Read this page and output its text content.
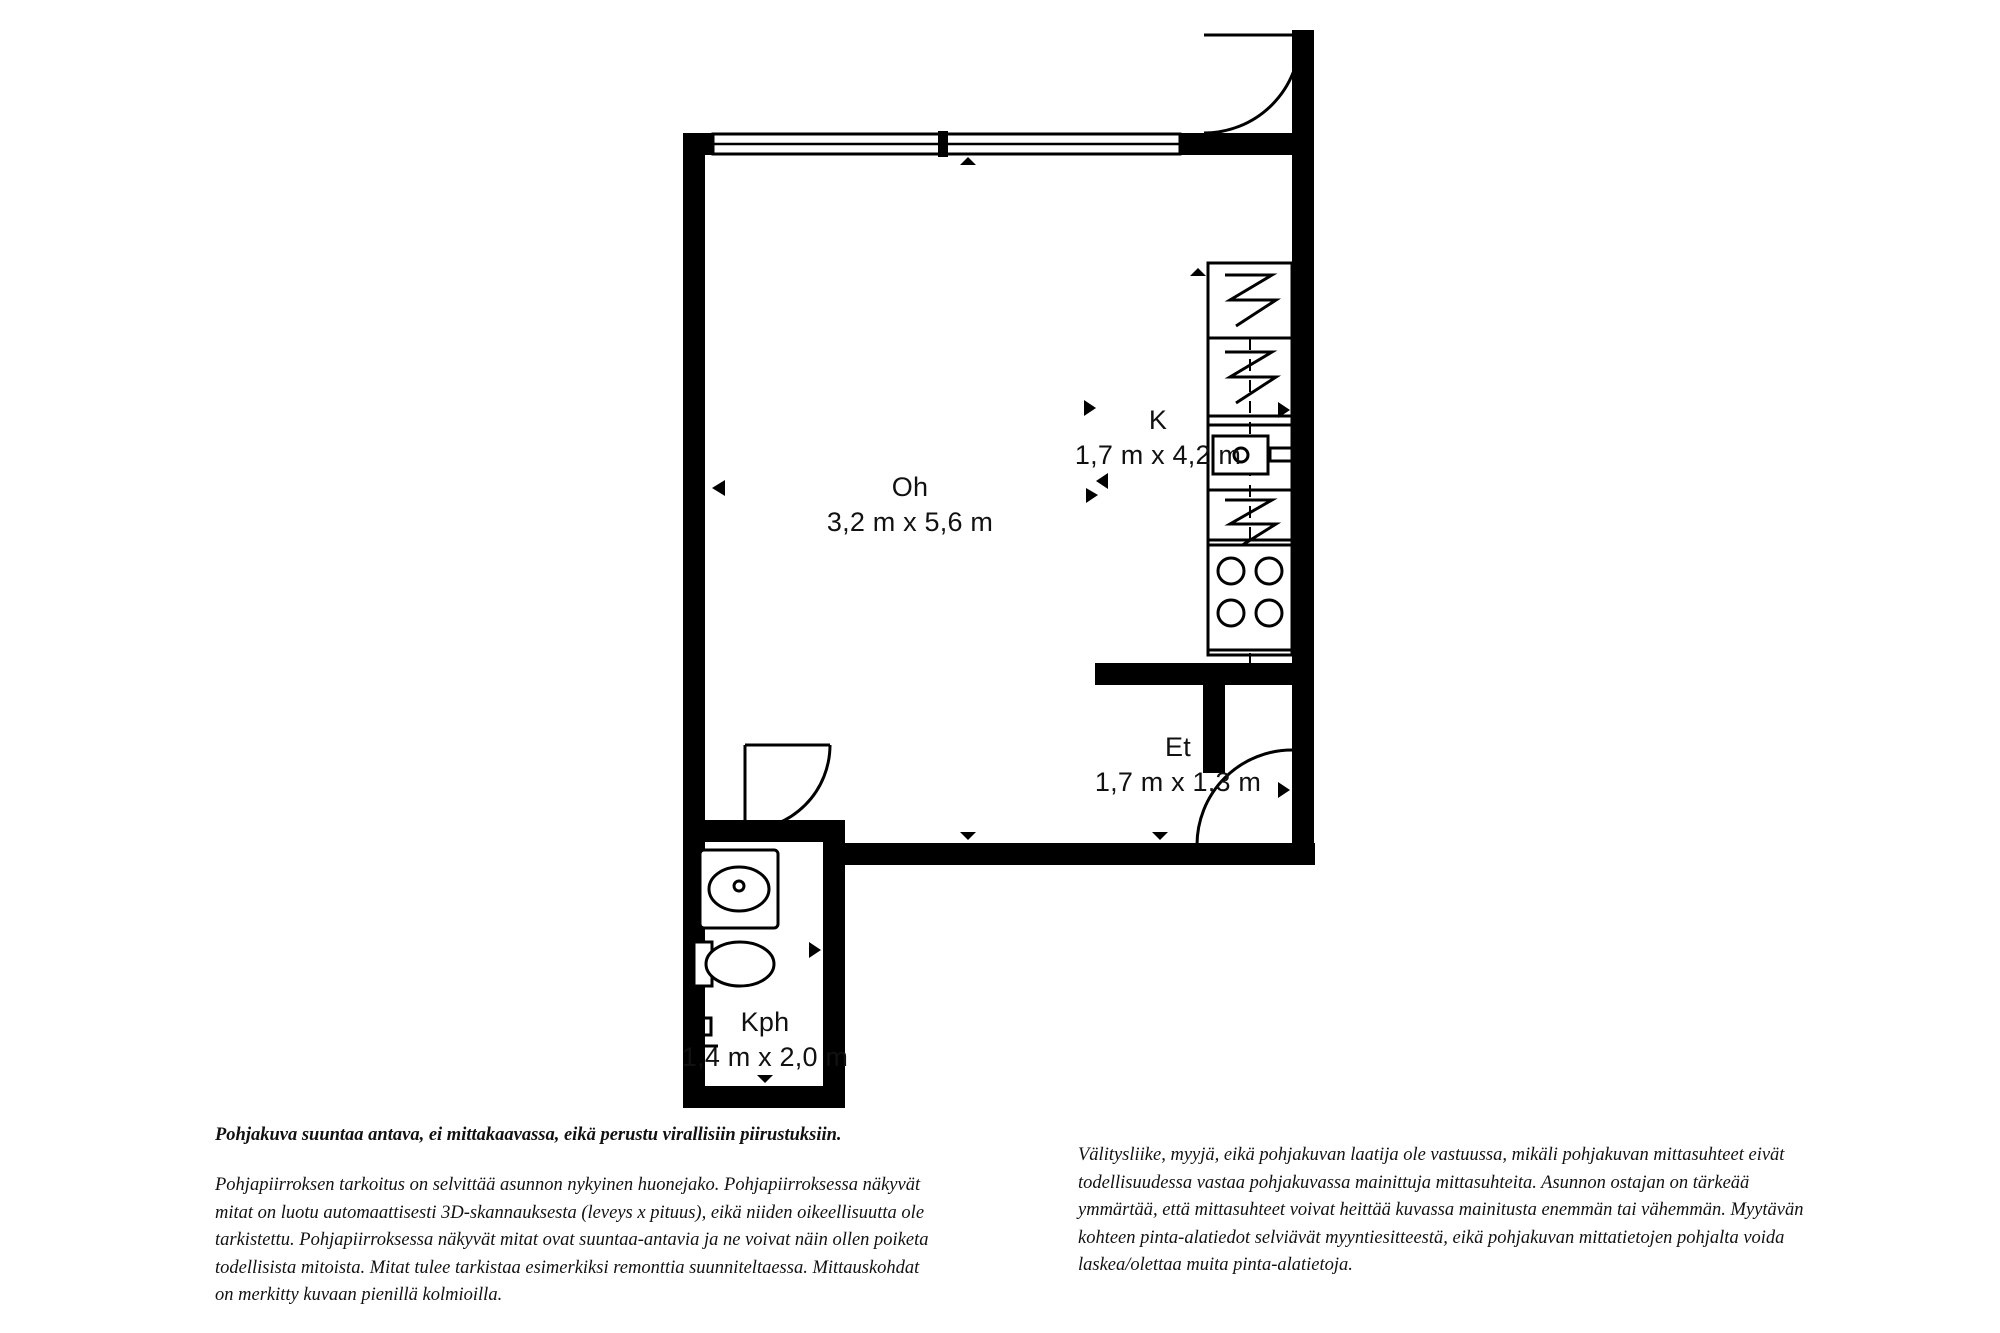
Oh
3,2 m x 5,6 m
K
1,7 m x 4,2 m
Et
1,7 m x 1,3 m
Kph
1,4 m x 2,0 m
Pohjakuva suuntaa antava, ei mittakaavassa, eikä perustu virallisiin piirustuksiin.
Pohjapiirroksen tarkoitus on selvittää asunnon nykyinen huonejako. Pohjapiirroksessa näkyvät mitat on luotu automaattisesti 3D-skannauksesta (leveys x pituus), eikä niiden oikeellisuutta ole tarkistettu. Pohjapiirroksessa näkyvät mitat ovat suuntaa-antavia ja ne voivat näin ollen poiketa todellisista mitoista. Mitat tulee tarkistaa esimerkiksi remonttia suunniteltaessa. Mittauskohdat on merkitty kuvaan pienillä kolmioilla.
Välitysliike, myyjä, eikä pohjakuvan laatija ole vastuussa, mikäli pohjakuvan mittasuhteet eivät todellisuudessa vastaa pohjakuvassa mainittuja mittasuhteita. Asunnon ostajan on tärkeää ymmärtää, että mittasuhteet voivat heittää kuvassa mainitusta enemmän tai vähemmän. Myytävän kohteen pinta-alatiedot selviävät myyntiesitteestä, eikä pohjakuvan mittatietojen pohjalta voida laskea/olettaa muita pinta-alatietoja.
